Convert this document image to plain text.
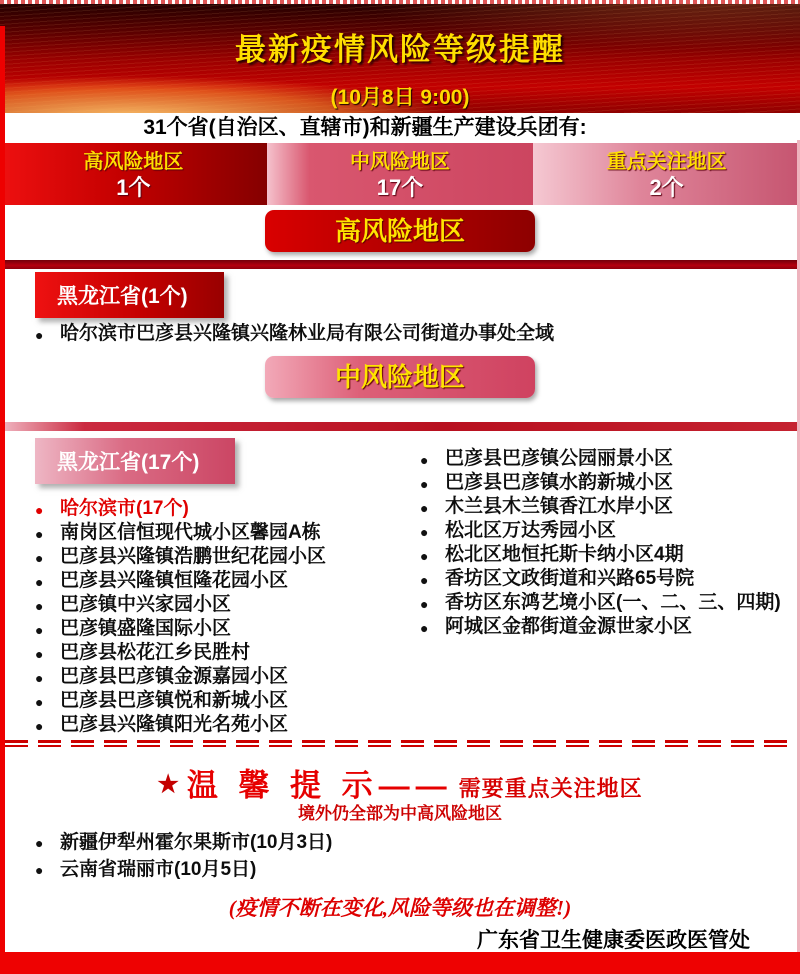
最新疫情风险等级提醒
(10月8日 9:00)
31个省(自治区、直辖市)和新疆生产建设兵团有:
高风险地区
1个
中风险地区
17个
重点关注地区
2个
高风险地区
黑龙江省(1个)
● 哈尔滨市巴彦县兴隆镇兴隆林业局有限公司街道办事处全域
中风险地区
黑龙江省(17个)
● 哈尔滨市(17个)
● 南岗区信恒现代城小区馨园A栋
● 巴彦县兴隆镇浩鹏世纪花园小区
● 巴彦县兴隆镇恒隆花园小区
● 巴彦镇中兴家园小区
● 巴彦镇盛隆国际小区
● 巴彦县松花江乡民胜村
● 巴彦县巴彦镇金源嘉园小区
● 巴彦县巴彦镇悦和新城小区
● 巴彦县兴隆镇阳光名苑小区
● 巴彦县巴彦镇公园丽景小区
● 巴彦县巴彦镇水韵新城小区
● 木兰县木兰镇香江水岸小区
● 松北区万达秀园小区
● 松北区地恒托斯卡纳小区4期
● 香坊区文政街道和兴路65号院
● 香坊区东鸿艺境小区(一、二、三、四期)
● 阿城区金都街道金源世家小区
★ 温 馨 提 示—— 需要重点关注地区
境外仍全部为中高风险地区
● 新疆伊犁州霍尔果斯市(10月3日)
● 云南省瑞丽市(10月5日)
(疫情不断在变化,风险等级也在调整!)
广东省卫生健康委医政医管处
